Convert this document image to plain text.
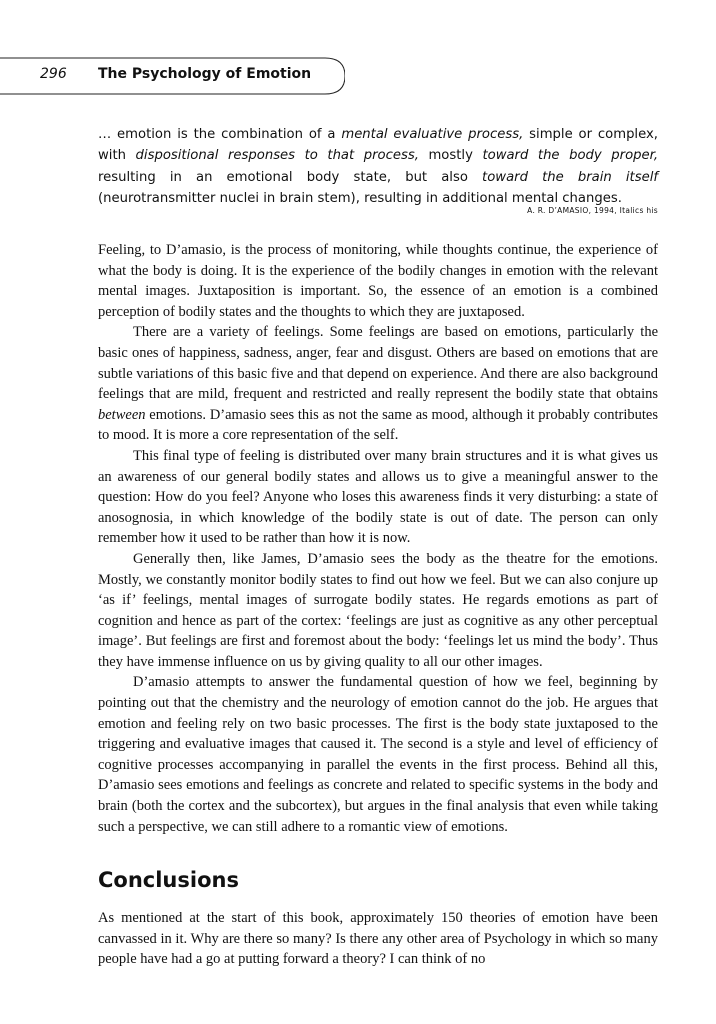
296 The Psychology of Emotion

… emotion is the combination of a mental evaluative process, simple or complex, with dispositional responses to that process, mostly toward the body proper, resulting in an emotional body state, but also toward the brain itself (neurotransmitter nuclei in brain stem), resulting in additional mental changes.

A. R. D’AMASIO, 1994, Italics his

Feeling, to D’amasio, is the process of monitoring, while thoughts continue, the experience of what the body is doing. It is the experience of the bodily changes in emotion with the relevant mental images. Juxtaposition is important. So, the essence of an emotion is a combined perception of bodily states and the thoughts to which they are juxtaposed.

There are a variety of feelings. Some feelings are based on emotions, particularly the basic ones of happiness, sadness, anger, fear and disgust. Others are based on emotions that are subtle variations of this basic five and that depend on experience. And there are also background feelings that are mild, frequent and restricted and really represent the bodily state that obtains between emotions. D’amasio sees this as not the same as mood, although it probably contributes to mood. It is more a core representation of the self.

This final type of feeling is distributed over many brain structures and it is what gives us an awareness of our general bodily states and allows us to give a meaningful answer to the question: How do you feel? Anyone who loses this awareness finds it very disturbing: a state of anosognosia, in which knowledge of the bodily state is out of date. The person can only remember how it used to be rather than how it is now.

Generally then, like James, D’amasio sees the body as the theatre for the emotions. Mostly, we constantly monitor bodily states to find out how we feel. But we can also conjure up ‘as if’ feelings, mental images of surrogate bodily states. He regards emotions as part of cognition and hence as part of the cortex: ‘feelings are just as cognitive as any other perceptual image’. But feelings are first and foremost about the body: ‘feelings let us mind the body’. Thus they have immense influence on us by giving quality to all our other images.

D’amasio attempts to answer the fundamental question of how we feel, beginning by pointing out that the chemistry and the neurology of emotion cannot do the job. He argues that emotion and feeling rely on two basic processes. The first is the body state juxtaposed to the triggering and evaluative images that caused it. The second is a style and level of efficiency of cognitive processes accompanying in parallel the events in the first process. Behind all this, D’amasio sees emotions and feelings as concrete and related to specific systems in the body and brain (both the cortex and the subcortex), but argues in the final analysis that even while taking such a perspective, we can still adhere to a romantic view of emotions.

Conclusions

As mentioned at the start of this book, approximately 150 theories of emotion have been canvassed in it. Why are there so many? Is there any other area of Psychology in which so many people have had a go at putting forward a theory? I can think of no
